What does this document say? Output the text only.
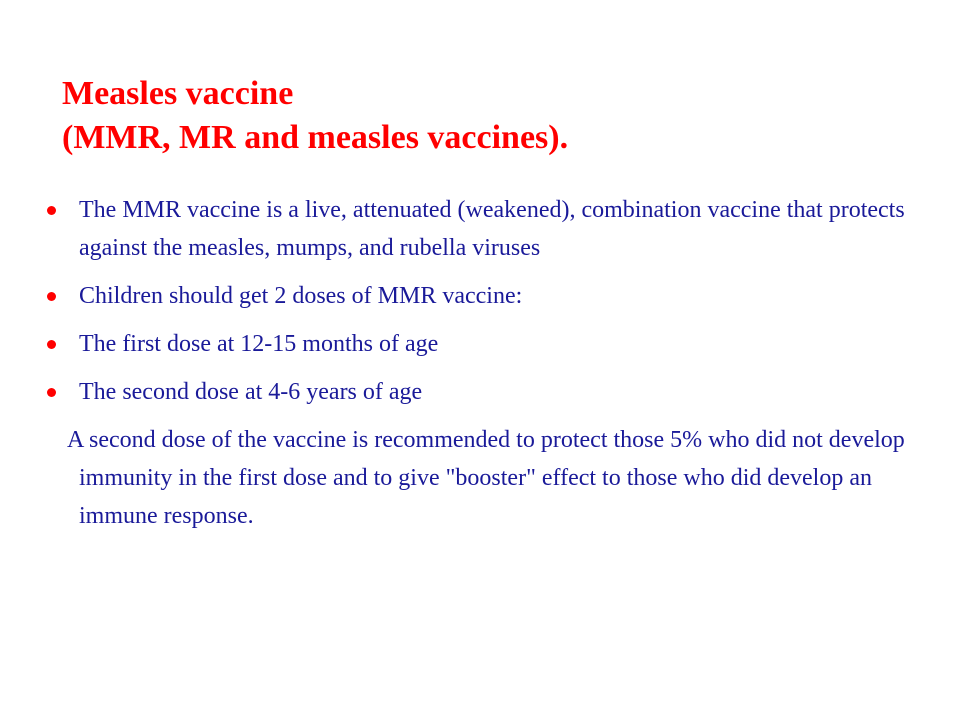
Measles vaccine
(MMR, MR and measles vaccines).
The MMR vaccine is a live, attenuated (weakened), combination vaccine that protects against the measles, mumps, and rubella viruses
Children should get 2 doses of MMR vaccine:
The first dose at 12-15 months of age
The second dose at 4-6 years of age

A second dose of the vaccine is recommended to protect those 5% who did not develop immunity in the first dose and to give "booster" effect to those who did develop an immune response.
